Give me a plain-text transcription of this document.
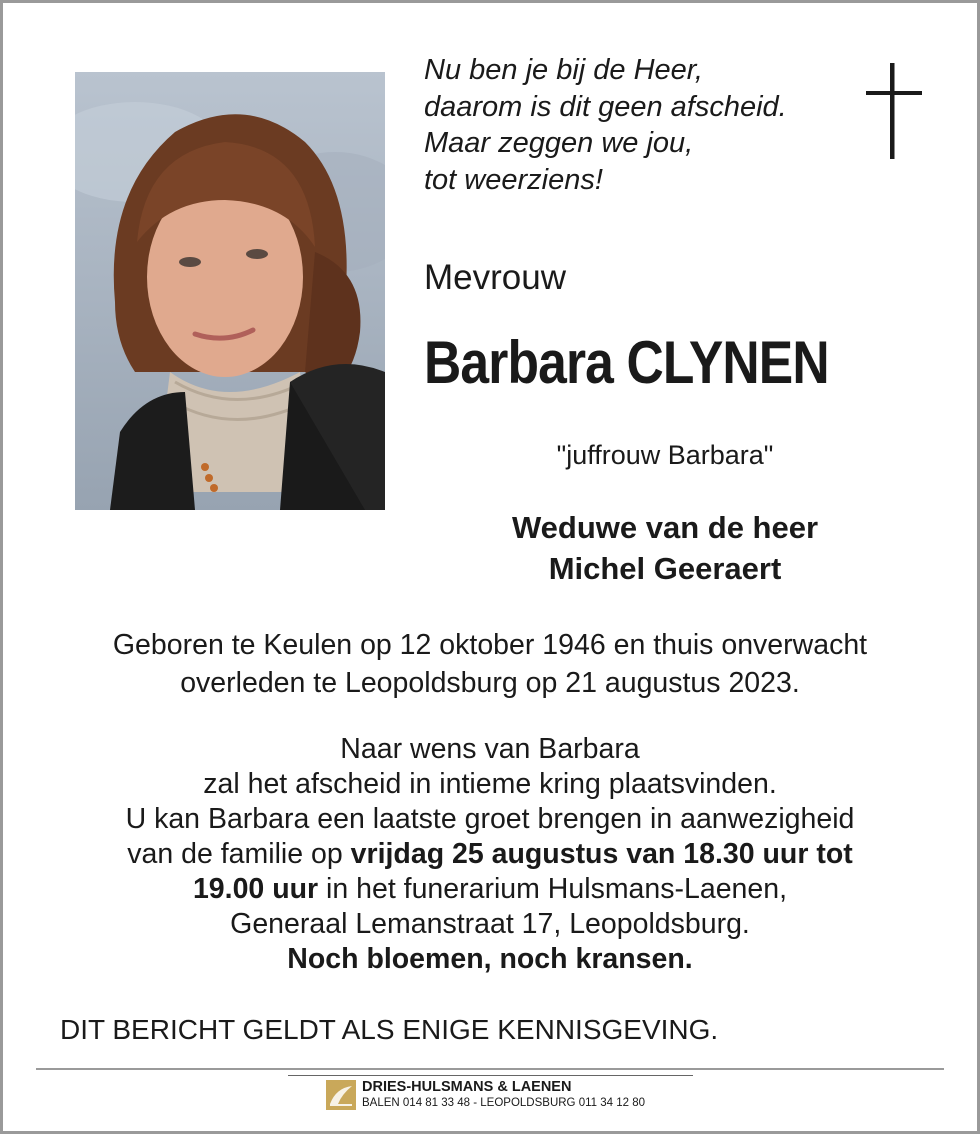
Nu ben je bij de Heer,
daarom is dit geen afscheid.
Maar zeggen we jou,
tot weerziens!
Mevrouw
Barbara CLYNEN
"juffrouw Barbara"
Weduwe van de heer
Michel Geeraert
Geboren te Keulen op 12 oktober 1946 en thuis onverwacht
overleden te Leopoldsburg op 21 augustus 2023.
Naar wens van Barbara
zal het afscheid in intieme kring plaatsvinden.
U kan Barbara een laatste groet brengen in aanwezigheid
van de familie op vrijdag 25 augustus van 18.30 uur tot
19.00 uur in het funerarium Hulsmans-Laenen,
Generaal Lemanstraat 17, Leopoldsburg.
Noch bloemen, noch kransen.
DIT BERICHT GELDT ALS ENIGE KENNISGEVING.
DRIES-HULSMANS & LAENEN
BALEN 014 81 33 48 - LEOPOLDSBURG 011 34 12 80
